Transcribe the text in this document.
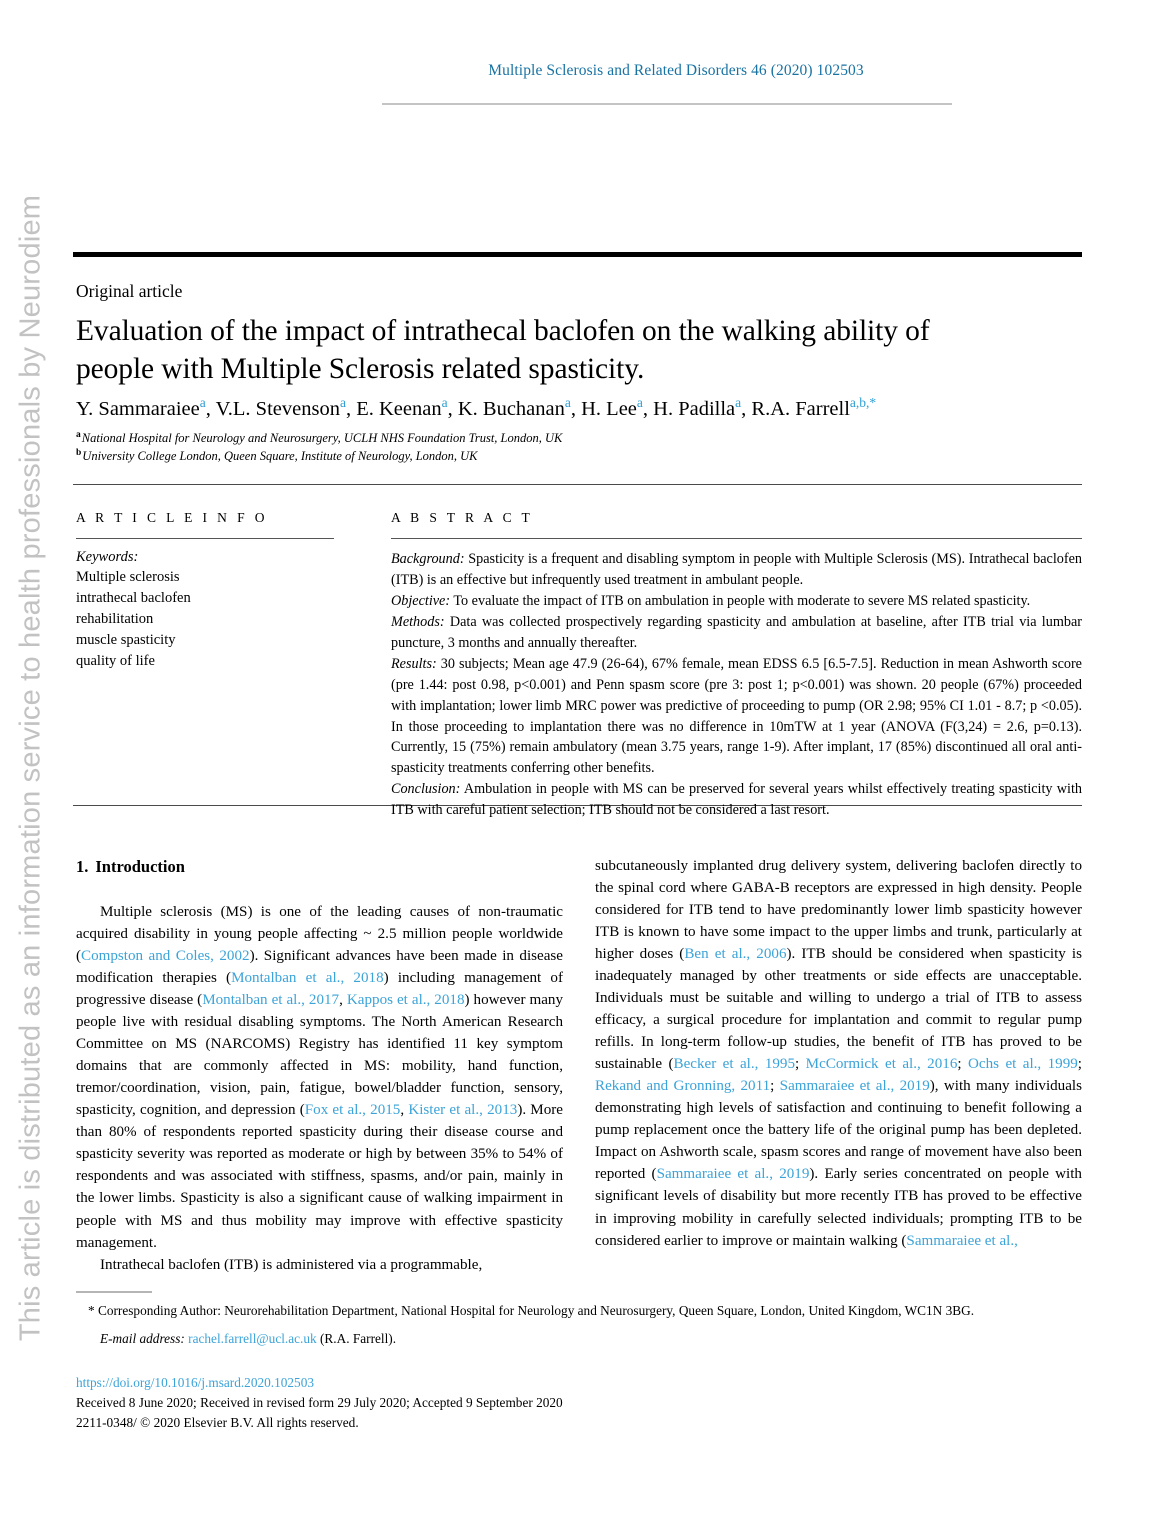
This article is distributed as an information service to health professionals by Neurodiem
Multiple Sclerosis and Related Disorders 46 (2020) 102503
Original article
Evaluation of the impact of intrathecal baclofen on the walking ability of people with Multiple Sclerosis related spasticity.
Y. Sammaraiee$^a$, V.L. Stevenson$^a$, E. Keenan$^a$, K. Buchanan$^a$, H. Lee$^a$, H. Padilla$^a$, R.A. Farrell$^{a,b,*}$
$^a$National Hospital for Neurology and Neurosurgery, UCLH NHS Foundation Trust, London, UK
$^b$University College London, Queen Square, Institute of Neurology, London, UK
A R T I C L E I N F O
Keywords:
Multiple sclerosis
intrathecal baclofen
rehabilitation
muscle spasticity
quality of life
A B S T R A C T

Background: Spasticity is a frequent and disabling symptom in people with Multiple Sclerosis (MS). Intrathecal baclofen (ITB) is an effective but infrequently used treatment in ambulant people.

Objective: To evaluate the impact of ITB on ambulation in people with moderate to severe MS related spasticity.

Methods: Data was collected prospectively regarding spasticity and ambulation at baseline, after ITB trial via lumbar puncture, 3 months and annually thereafter.

Results: 30 subjects; Mean age 47.9 (26-64), 67% female, mean EDSS 6.5 [6.5-7.5]. Reduction in mean Ashworth score (pre 1.44: post 0.98, p<0.001) and Penn spasm score (pre 3: post 1; p<0.001) was shown. 20 people (67%) proceeded with implantation; lower limb MRC power was predictive of proceeding to pump (OR 2.98; 95% CI 1.01 - 8.7; p <0.05). In those proceeding to implantation there was no difference in 10mTW at 1 year (ANOVA (F(3,24) = 2.6, p=0.13). Currently, 15 (75%) remain ambulatory (mean 3.75 years, range 1-9). After implant, 17 (85%) discontinued all oral anti-spasticity treatments conferring other benefits.

Conclusion: Ambulation in people with MS can be preserved for several years whilst effectively treating spasticity with ITB with careful patient selection; ITB should not be considered a last resort.

1. Introduction

Multiple sclerosis (MS) is one of the leading causes of non-traumatic acquired disability in young people affecting ~ 2.5 million people worldwide (Compston and Coles, 2002). Significant advances have been made in disease modification therapies (Montalban et al., 2018) including management of progressive disease (Montalban et al., 2017, Kappos et al., 2018) however many people live with residual disabling symptoms. The North American Research Committee on MS (NARCOMS) Registry has identified 11 key symptom domains that are commonly affected in MS: mobility, hand function, tremor/coordination, vision, pain, fatigue, bowel/bladder function, sensory, spasticity, cognition, and depression (Fox et al., 2015, Kister et al., 2013). More than 80% of respondents reported spasticity during their disease course and spasticity severity was reported as moderate or high by between 35% to 54% of respondents and was associated with stiffness, spasms, and/or pain, mainly in the lower limbs. Spasticity is also a significant cause of walking impairment in people with MS and thus mobility may improve with effective spasticity management.

Intrathecal baclofen (ITB) is administered via a programmable,

subcutaneously implanted drug delivery system, delivering baclofen directly to the spinal cord where GABA-B receptors are expressed in high density. People considered for ITB tend to have predominantly lower limb spasticity however ITB is known to have some impact to the upper limbs and trunk, particularly at higher doses (Ben et al., 2006). ITB should be considered when spasticity is inadequately managed by other treatments or side effects are unacceptable. Individuals must be suitable and willing to undergo a trial of ITB to assess efficacy, a surgical procedure for implantation and commit to regular pump refills. In long-term follow-up studies, the benefit of ITB has proved to be sustainable (Becker et al., 1995; McCormick et al., 2016; Ochs et al., 1999; Rekand and Gronning, 2011; Sammaraiee et al., 2019), with many individuals demonstrating high levels of satisfaction and continuing to benefit following a pump replacement once the battery life of the original pump has been depleted. Impact on Ashworth scale, spasm scores and range of movement have also been reported (Sammaraiee et al., 2019). Early series concentrated on people with significant levels of disability but more recently ITB has proved to be effective in improving mobility in carefully selected individuals; prompting ITB to be considered earlier to improve or maintain walking (Sammaraiee et al.,

* Corresponding Author: Neurorehabilitation Department, National Hospital for Neurology and Neurosurgery, Queen Square, London, United Kingdom, WC1N 3BG.

E-mail address: rachel.farrell@ucl.ac.uk (R.A. Farrell).

https://doi.org/10.1016/j.msard.2020.102503

Received 8 June 2020; Received in revised form 29 July 2020; Accepted 9 September 2020

2211-0348/ © 2020 Elsevier B.V. All rights reserved.
